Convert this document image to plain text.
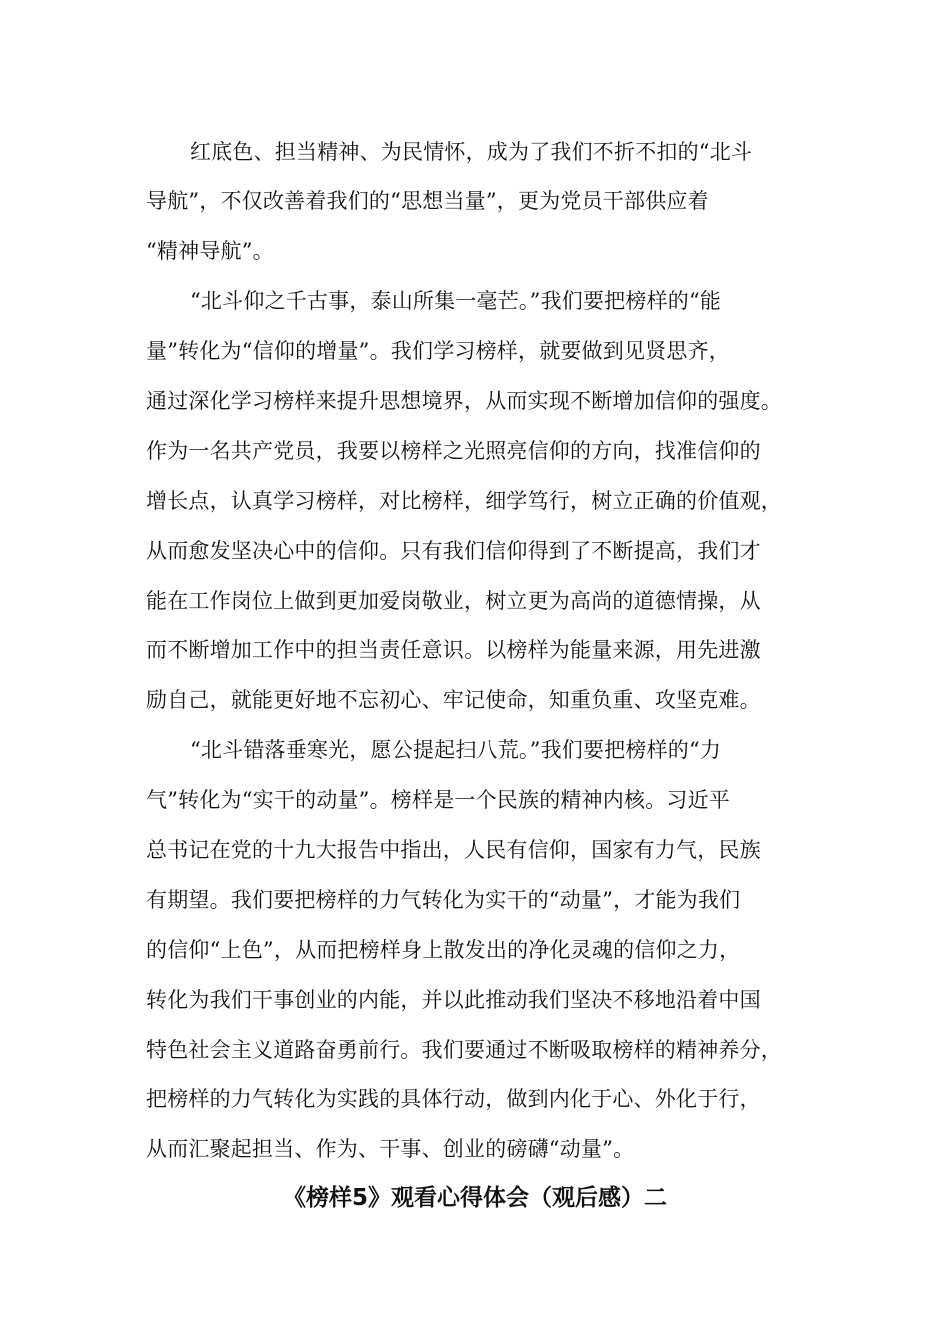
红底色、担当精神、为民情怀，成为了我们不折不扣的“北斗
导航”，不仅改善着我们的“思想当量”，更为党员干部供应着
“精神导航”。
“北斗仰之千古事，泰山所集一毫芒。”我们要把榜样的“能
量”转化为“信仰的增量”。我们学习榜样，就要做到见贤思齐，
通过深化学习榜样来提升思想境界，从而实现不断增加信仰的强度。
作为一名共产党员，我要以榜样之光照亮信仰的方向，找准信仰的
增长点，认真学习榜样，对比榜样，细学笃行，树立正确的价值观，
从而愈发坚决心中的信仰。只有我们信仰得到了不断提高，我们才
能在工作岗位上做到更加爱岗敬业，树立更为高尚的道德情操，从
而不断增加工作中的担当责任意识。以榜样为能量来源，用先进激
励自己，就能更好地不忘初心、牢记使命，知重负重、攻坚克难。
“北斗错落垂寒光，愿公提起扫八荒。”我们要把榜样的“力
气”转化为“实干的动量”。榜样是一个民族的精神内核。习近平
总书记在党的十九大报告中指出，人民有信仰，国家有力气，民族
有期望。我们要把榜样的力气转化为实干的“动量”，才能为我们
的信仰“上色”，从而把榜样身上散发出的净化灵魂的信仰之力，
转化为我们干事创业的内能，并以此推动我们坚决不移地沿着中国
特色社会主义道路奋勇前行。我们要通过不断吸取榜样的精神养分，
把榜样的力气转化为实践的具体行动，做到内化于心、外化于行，
从而汇聚起担当、作为、干事、创业的磅礴“动量”。
《榜样5》观看心得体会（观后感）二
